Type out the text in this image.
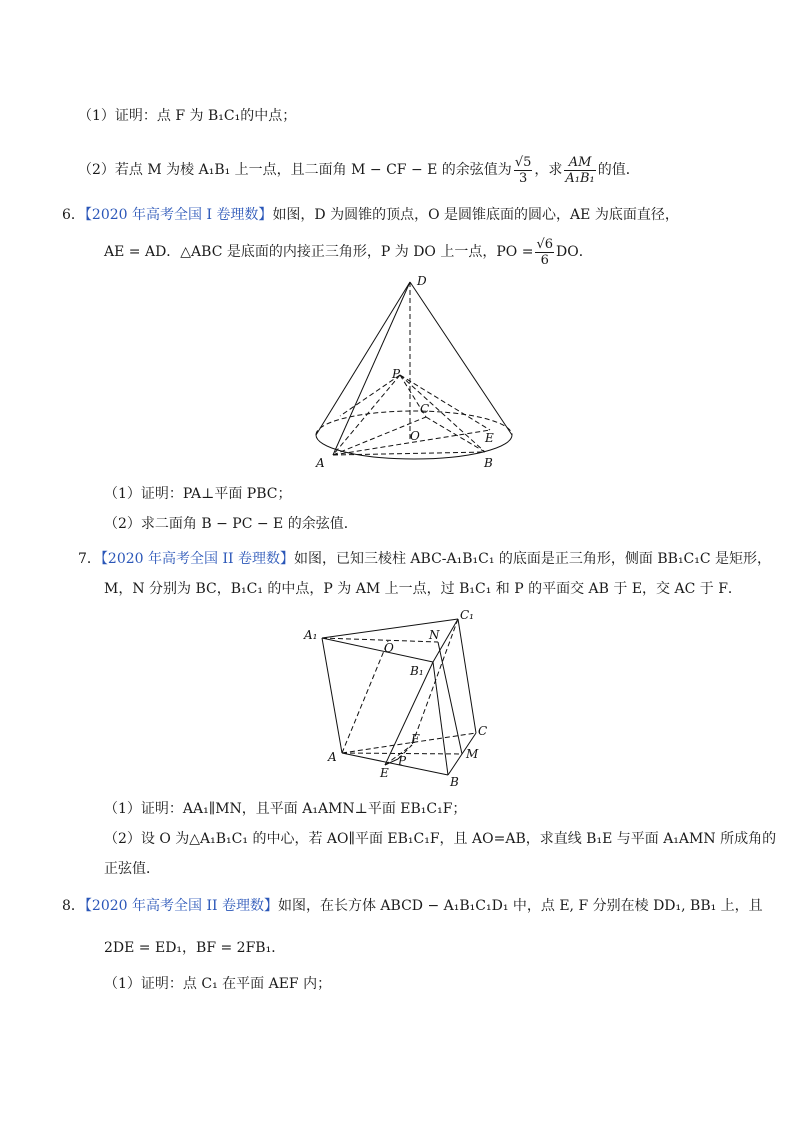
（1）证明：点 F 为 B₁C₁的中点；
（2）若点 M 为棱 A₁B₁ 上一点，且二面角 M − CF − E 的余弦值为 $\frac{√5}{3}$ ，求 $\frac{AM}{\text{A₁B₁}}$ 的值．
6．【2020 年高考全国 I 卷理数】如图，D 为圆锥的顶点，O 是圆锥底面的圆心，AE 为底面直径，
AE = AD．△ABC 是底面的内接正三角形，P 为 DO 上一点，PO = $\frac{√6}{6}$ DO．
D
P
C
O	E
A	B
（1）证明：PA⊥平面 PBC；
（2）求二面角 B − PC − E 的余弦值．
7．【2020 年高考全国 II 卷理数】如图，已知三棱柱 ABC-A₁B₁C₁ 的底面是正三角形，侧面 BB₁C₁C 是矩形，
M，N 分别为 BC，B₁C₁ 的中点，P 为 AM 上一点，过 B₁C₁ 和 P 的平面交 AB 于 E，交 AC 于 F．
A₁
C₁
N
O
B₁
C
F
M
A	P
E
B
（1）证明：AA₁∥MN，且平面 A₁AMN⊥平面 EB₁C₁F；
（2）设 O 为△A₁B₁C₁ 的中心，若 AO∥平面 EB₁C₁F，且 AO=AB，求直线 B₁E 与平面 A₁AMN 所成角的
正弦值．
8．【2020 年高考全国 II 卷理数】如图，在长方体 ABCD − A₁B₁C₁D₁ 中，点 E, F 分别在棱 DD₁, BB₁ 上，且
2DE = ED₁，BF = 2FB₁．
（1）证明：点 C₁ 在平面 AEF 内；
